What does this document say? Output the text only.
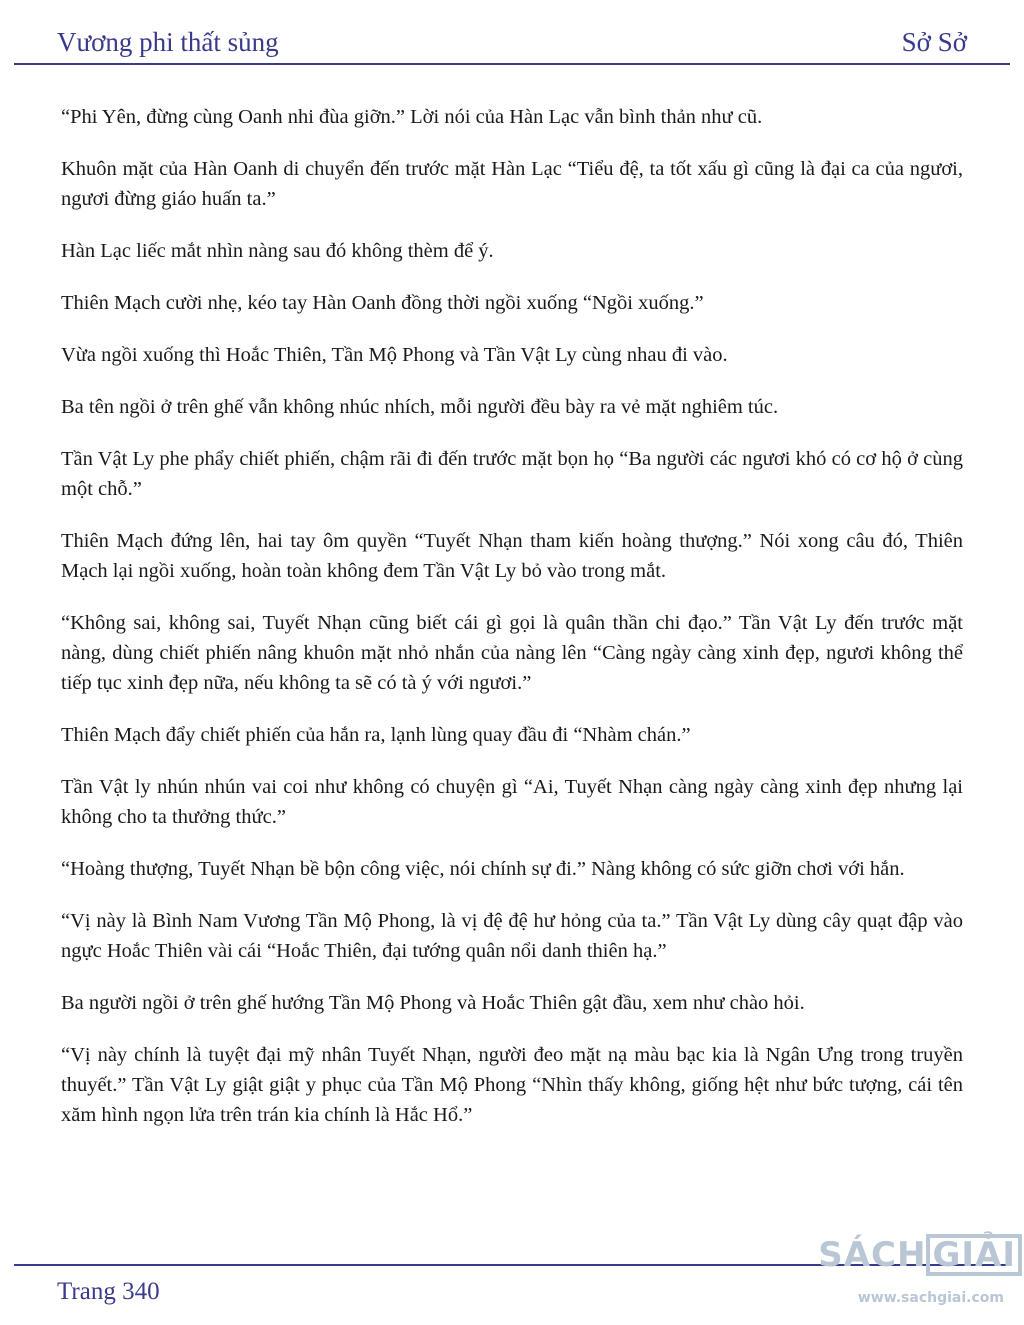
Vương phi thất sủng	Sở Sở

“Phi Yên, đừng cùng Oanh nhi đùa giỡn.” Lời nói của Hàn Lạc vẫn bình thản như cũ.

Khuôn mặt của Hàn Oanh di chuyển đến trước mặt Hàn Lạc “Tiểu đệ, ta tốt xấu gì cũng là đại ca của ngươi, ngươi đừng giáo huấn ta.”

Hàn Lạc liếc mắt nhìn nàng sau đó không thèm để ý.

Thiên Mạch cười nhẹ, kéo tay Hàn Oanh đồng thời ngồi xuống “Ngồi xuống.”

Vừa ngồi xuống thì Hoắc Thiên, Tần Mộ Phong và Tần Vật Ly cùng nhau đi vào.

Ba tên ngồi ở trên ghế vẫn không nhúc nhích, mỗi người đều bày ra vẻ mặt nghiêm túc.

Tần Vật Ly phe phẩy chiết phiến, chậm rãi đi đến trước mặt bọn họ “Ba người các ngươi khó có cơ hộ ở cùng một chỗ.”

Thiên Mạch đứng lên, hai tay ôm quyền “Tuyết Nhạn tham kiến hoàng thượng.” Nói xong câu đó, Thiên Mạch lại ngồi xuống, hoàn toàn không đem Tần Vật Ly bỏ vào trong mắt.

“Không sai, không sai, Tuyết Nhạn cũng biết cái gì gọi là quân thần chi đạo.” Tần Vật Ly đến trước mặt nàng, dùng chiết phiến nâng khuôn mặt nhỏ nhắn của nàng lên “Càng ngày càng xinh đẹp, ngươi không thể tiếp tục xinh đẹp nữa, nếu không ta sẽ có tà ý với ngươi.”

Thiên Mạch đẩy chiết phiến của hắn ra, lạnh lùng quay đầu đi “Nhàm chán.”

Tần Vật ly nhún nhún vai coi như không có chuyện gì “Ai, Tuyết Nhạn càng ngày càng xinh đẹp nhưng lại không cho ta thưởng thức.”

“Hoàng thượng, Tuyết Nhạn bề bộn công việc, nói chính sự đi.” Nàng không có sức giỡn chơi với hắn.

“Vị này là Bình Nam Vương Tần Mộ Phong, là vị đệ đệ hư hỏng của ta.” Tần Vật Ly dùng cây quạt đập vào ngực Hoắc Thiên vài cái “Hoắc Thiên, đại tướng quân nổi danh thiên hạ.”

Ba người ngồi ở trên ghế hướng Tần Mộ Phong và Hoắc Thiên gật đầu, xem như chào hỏi.

“Vị này chính là tuyệt đại mỹ nhân Tuyết Nhạn, người đeo mặt nạ màu bạc kia là Ngân Ưng trong truyền thuyết.” Tần Vật Ly giật giật y phục của Tần Mộ Phong “Nhìn thấy không, giống hệt như bức tượng, cái tên xăm hình ngọn lửa trên trán kia chính là Hắc Hổ.”

Trang 340
SÁCH GIẢI
www.sachgiai.com
